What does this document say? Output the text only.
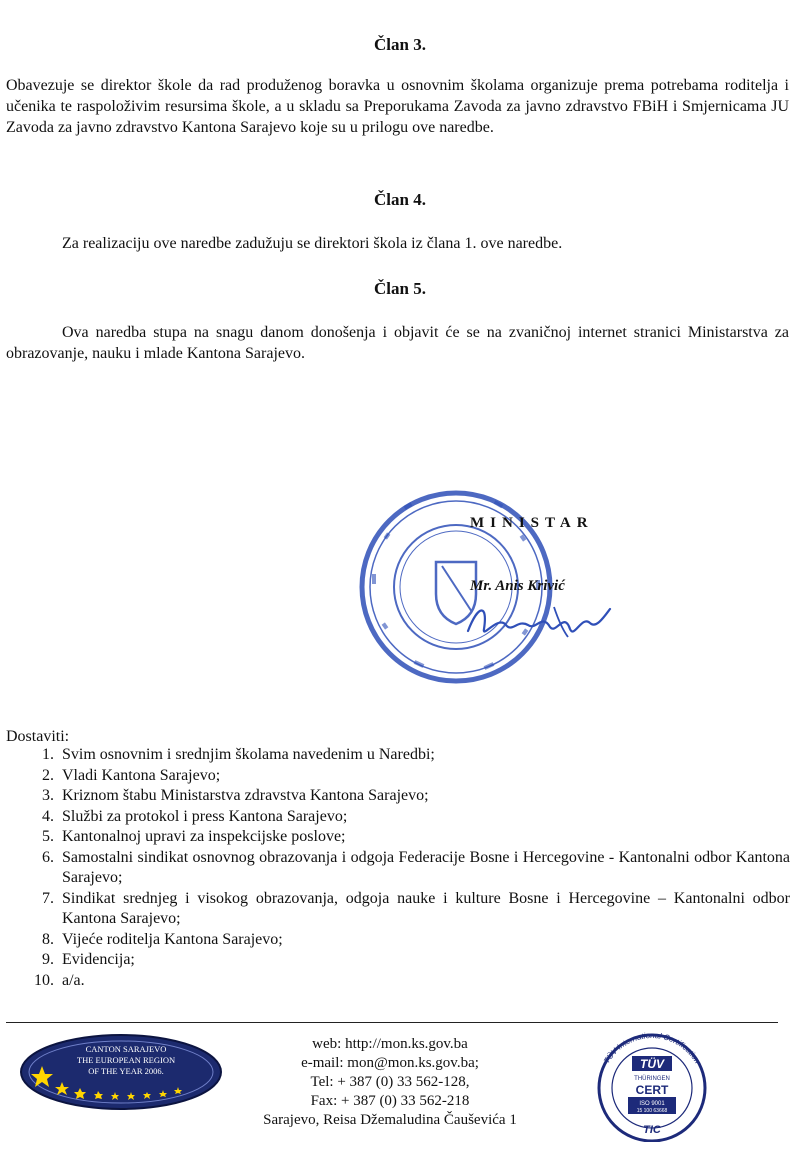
Član 3.

Obavezuje se direktor škole da rad produženog boravka u osnovnim školama organizuje prema potrebama roditelja i učenika te raspoloživim resursima škole, a u skladu sa Preporukama Zavoda za javno zdravstvo FBiH i Smjernicama JU Zavoda za javno zdravstvo Kantona Sarajevo koje su u prilogu ove naredbe.

Član 4.

Za realizaciju ove naredbe zadužuju se direktori škola iz člana 1. ove naredbe.

Član 5.

Ova naredba stupa na snagu danom donošenja i objavit će se na zvaničnoj internet stranici Ministarstva za obrazovanje, nauku i mlade Kantona Sarajevo.

MINISTAR
Mr. Anis Krivić
Dostaviti:
1. Svim osnovnim i srednjim školama navedenim u Naredbi;
2. Vladi Kantona Sarajevo;
3. Kriznom štabu Ministarstva zdravstva Kantona Sarajevo;
4. Službi za protokol i press Kantona Sarajevo;
5. Kantonalnoj upravi za inspekcijske poslove;
6. Samostalni sindikat osnovnog obrazovanja i odgoja Federacije Bosne i Hercegovine - Kantonalni odbor Kantona Sarajevo;
7. Sindikat srednjeg i visokog obrazovanja, odgoja nauke i kulture Bosne i Hercegovine – Kantonalni odbor Kantona Sarajevo;
8. Vijeće roditelja Kantona Sarajevo;
9. Evidencija;
10. a/a.
CANTON SARAJEVO
THE EUROPEAN REGION
OF THE YEAR 2006.
web: http://mon.ks.gov.ba
e-mail: mon@mon.ks.gov.ba;
Tel: + 387 (0) 33 562-128,
Fax: + 387 (0) 33 562-218
Sarajevo, Reisa Džemaludina Čauševića 1
TÜV International Certification
TÜV
THÜRINGEN
CERT
ISO 9001
15 100 63668
TIC
